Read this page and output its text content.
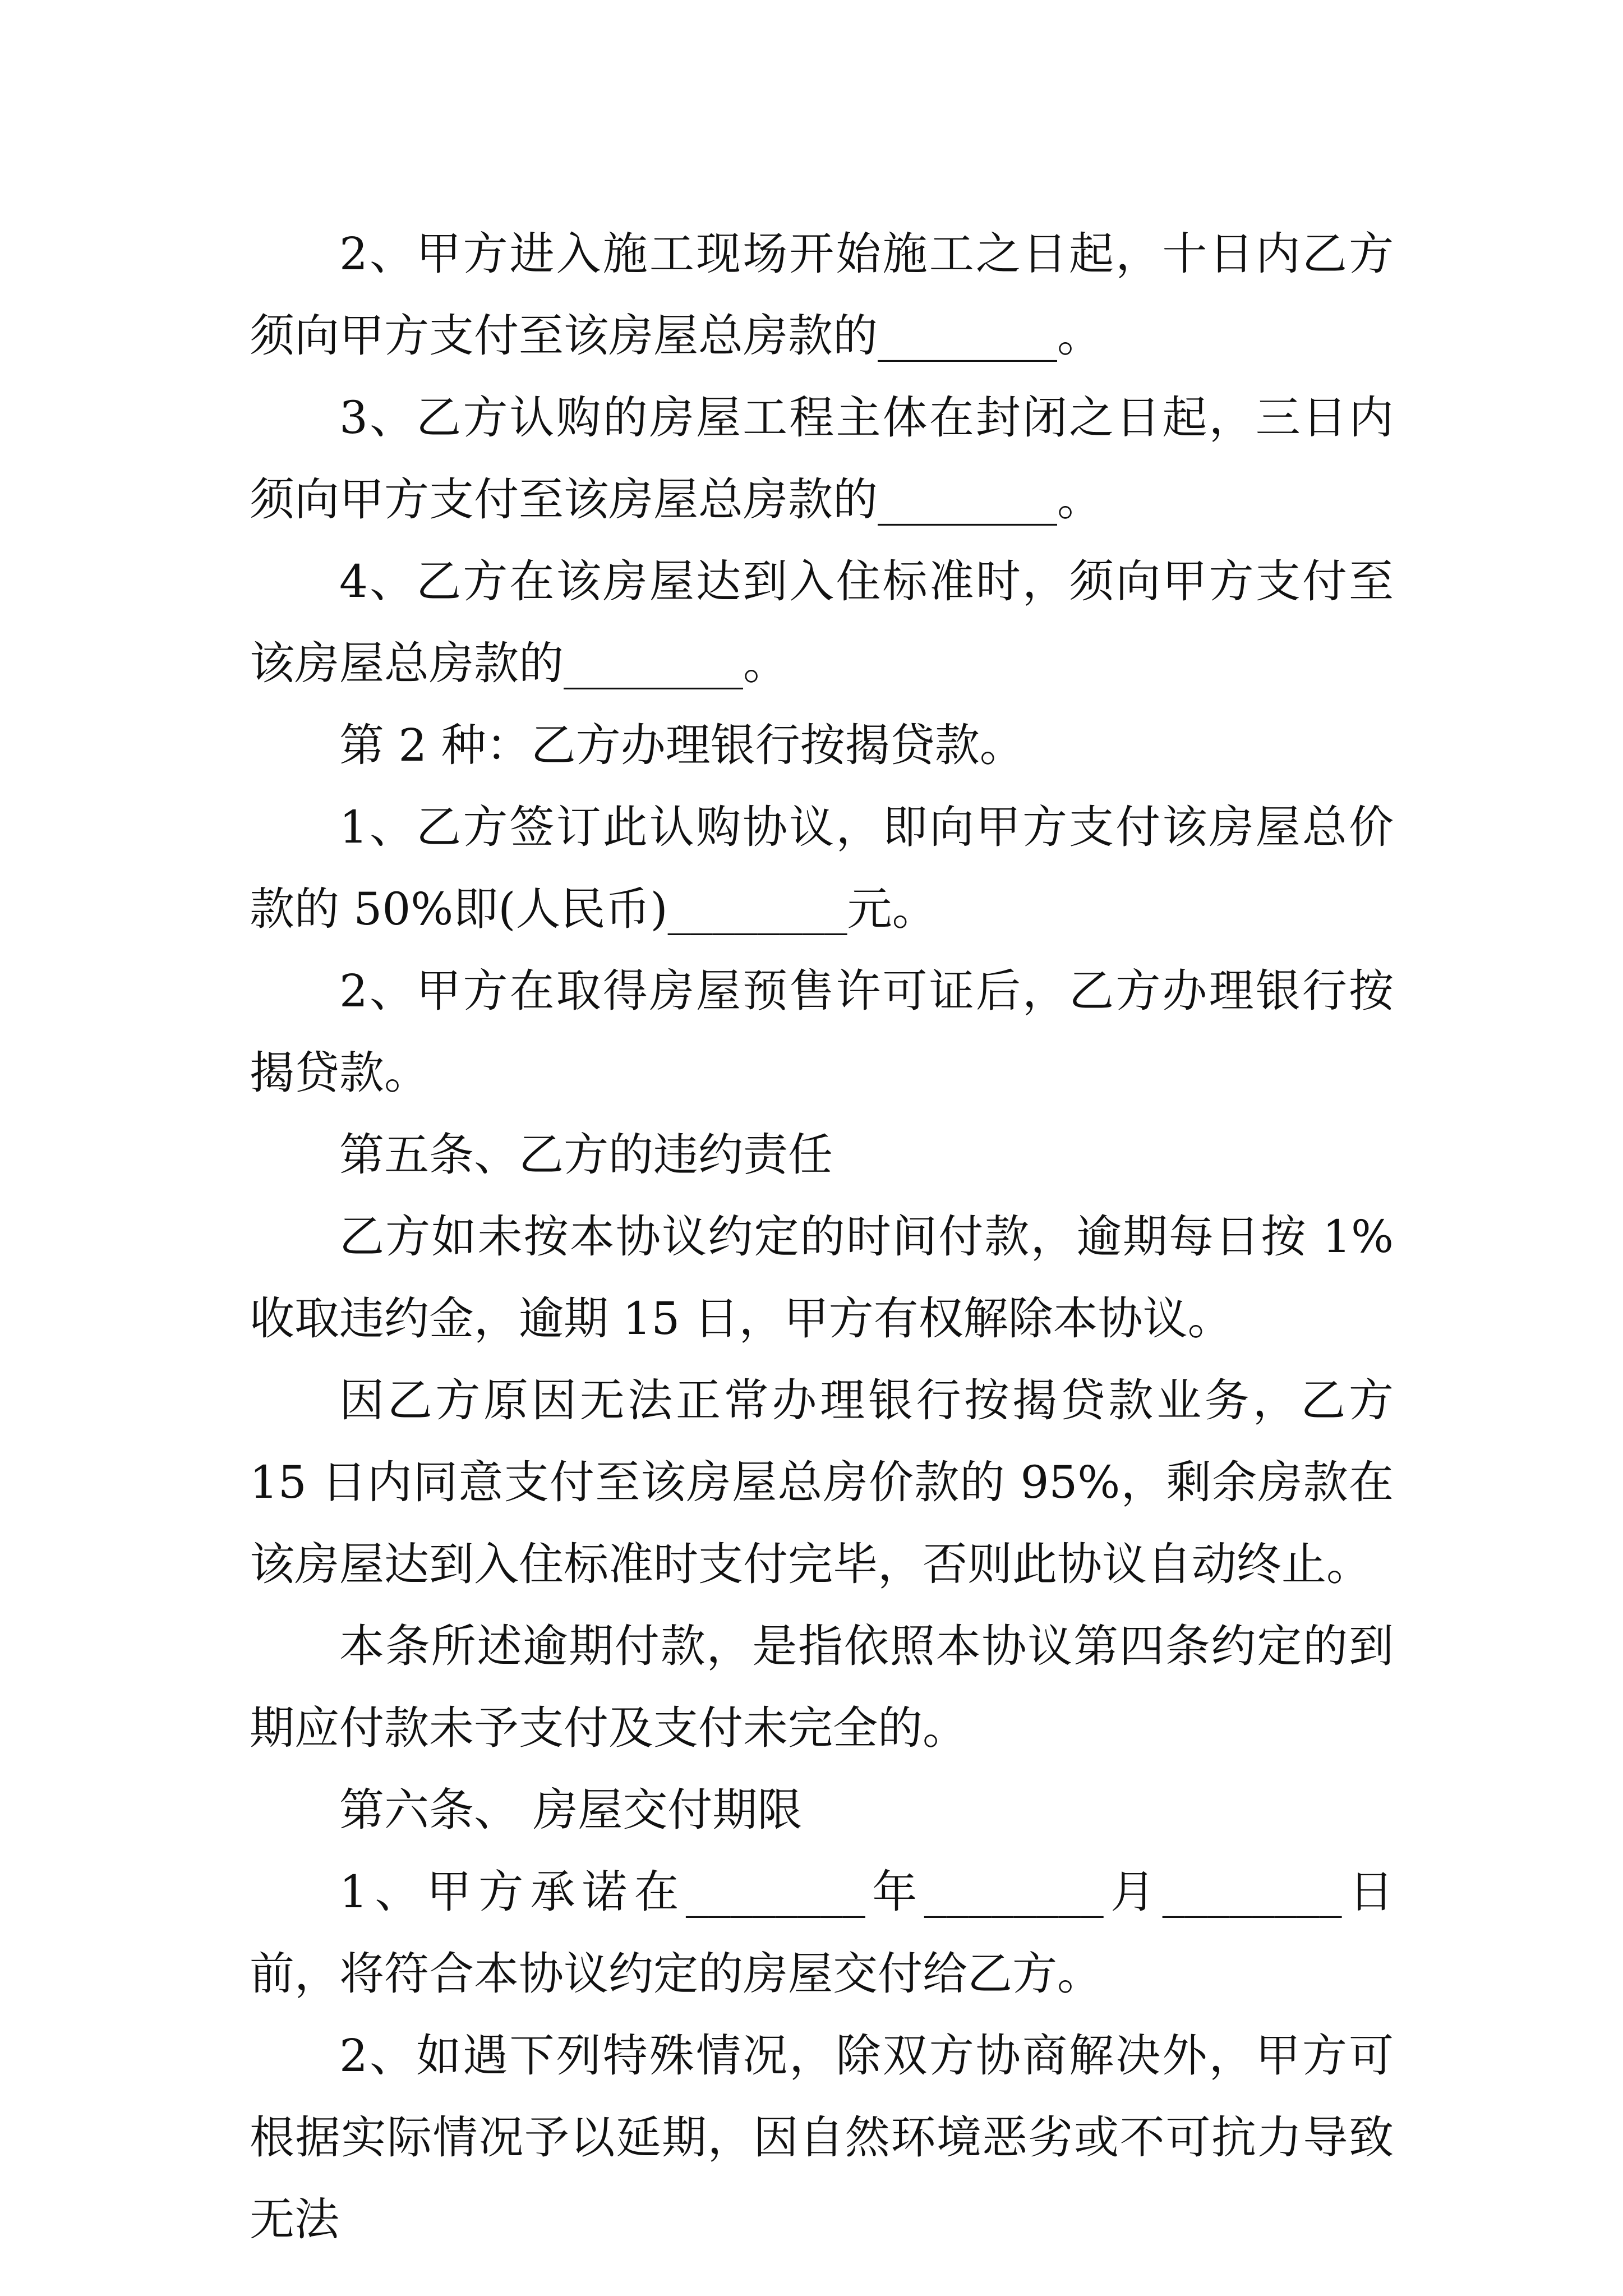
2、甲方进入施工现场开始施工之日起，十日内乙方须向甲方支付至该房屋总房款的________。

3、乙方认购的房屋工程主体在封闭之日起，三日内须向甲方支付至该房屋总房款的________。

4、乙方在该房屋达到入住标准时，须向甲方支付至该房屋总房款的________。

第 2 种：乙方办理银行按揭贷款。

1、乙方签订此认购协议，即向甲方支付该房屋总价款的 50%即(人民币)________元。

2、甲方在取得房屋预售许可证后，乙方办理银行按揭贷款。

第五条、乙方的违约责任

乙方如未按本协议约定的时间付款，逾期每日按 1%收取违约金，逾期 15 日，甲方有权解除本协议。

因乙方原因无法正常办理银行按揭贷款业务，乙方 15 日内同意支付至该房屋总房价款的 95%，剩余房款在该房屋达到入住标准时支付完毕，否则此协议自动终止。

本条所述逾期付款，是指依照本协议第四条约定的到期应付款未予支付及支付未完全的。

第六条、 房屋交付期限

1、甲方承诺在________年________月________日前，将符合本协议约定的房屋交付给乙方。

2、如遇下列特殊情况，除双方协商解决外，甲方可根据实际情况予以延期，因自然环境恶劣或不可抗力导致无法
